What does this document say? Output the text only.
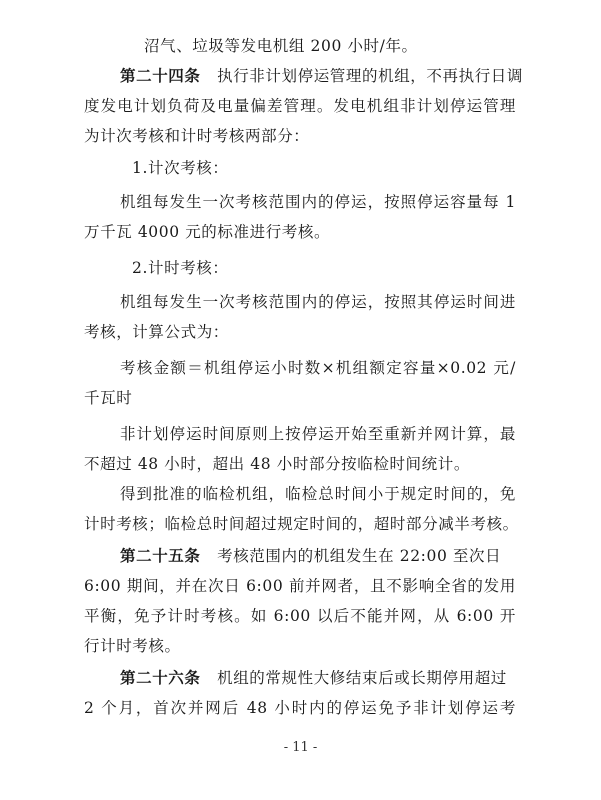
沼气、垃圾等发电机组 200 小时/年。
第二十四条 执行非计划停运管理的机组，不再执行日调
度发电计划负荷及电量偏差管理。发电机组非计划停运管理
为计次考核和计时考核两部分：
1.计次考核：
机组每发生一次考核范围内的停运，按照停运容量每 1
万千瓦 4000 元的标准进行考核。
2.计时考核：
机组每发生一次考核范围内的停运，按照其停运时间进
考核，计算公式为：
考核金额＝机组停运小时数×机组额定容量×0.02 元/
千瓦时
非计划停运时间原则上按停运开始至重新并网计算，最
不超过 48 小时，超出 48 小时部分按临检时间统计。
得到批准的临检机组，临检总时间小于规定时间的，免
计时考核；临检总时间超过规定时间的，超时部分减半考核。
第二十五条 考核范围内的机组发生在 22:00 至次日
6:00 期间，并在次日 6:00 前并网者，且不影响全省的发用
平衡，免予计时考核。如 6:00 以后不能并网，从 6:00 开
行计时考核。
第二十六条 机组的常规性大修结束后或长期停用超过
2 个月，首次并网后 48 小时内的停运免予非计划停运考
- 11 -
